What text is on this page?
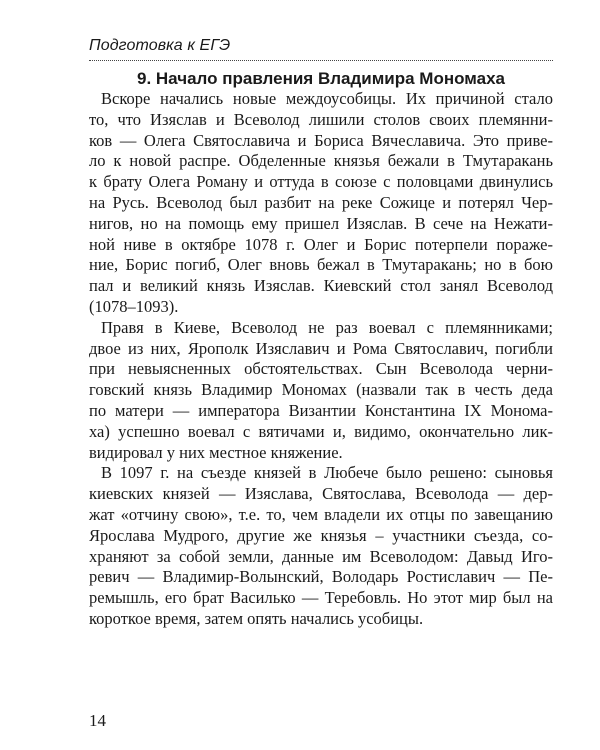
Подготовка к ЕГЭ
9. Начало правления Владимира Мономаха
Вскоре начались новые междоусобицы. Их причиной стало
то, что Изяслав и Всеволод лишили столов своих племянни-
ков — Олега Святославича и Бориса Вячеславича. Это приве-
ло к новой распре. Обделенные князья бежали в Тмутаракань
к брату Олега Роману и оттуда в союзе с половцами двинулись
на Русь. Всеволод был разбит на реке Сожице и потерял Чер-
нигов, но на помощь ему пришел Изяслав. В сече на Нежати-
ной ниве в октябре 1078 г. Олег и Борис потерпели пораже-
ние, Борис погиб, Олег вновь бежал в Тмутаракань; но в бою
пал и великий князь Изяслав. Киевский стол занял Всеволод
(1078–1093).
Правя в Киеве, Всеволод не раз воевал с племянниками;
двое из них, Ярополк Изяславич и Рома Святославич, погибли
при невыясненных обстоятельствах. Сын Всеволода черни-
говский князь Владимир Мономах (назвали так в честь деда
по матери — императора Византии Константина IX Монома-
ха) успешно воевал с вятичами и, видимо, окончательно лик-
видировал у них местное княжение.
В 1097 г. на съезде князей в Любече было решено: сыновья
киевских князей — Изяслава, Святослава, Всеволода — дер-
жат «отчину свою», т.е. то, чем владели их отцы по завещанию
Ярослава Мудрого, другие же князья – участники съезда, со-
храняют за собой земли, данные им Всеволодом: Давыд Иго-
ревич — Владимир-Волынский, Володарь Ростиславич — Пе-
ремышль, его брат Василько — Теребовль. Но этот мир был на
короткое время, затем опять начались усобицы.
14
